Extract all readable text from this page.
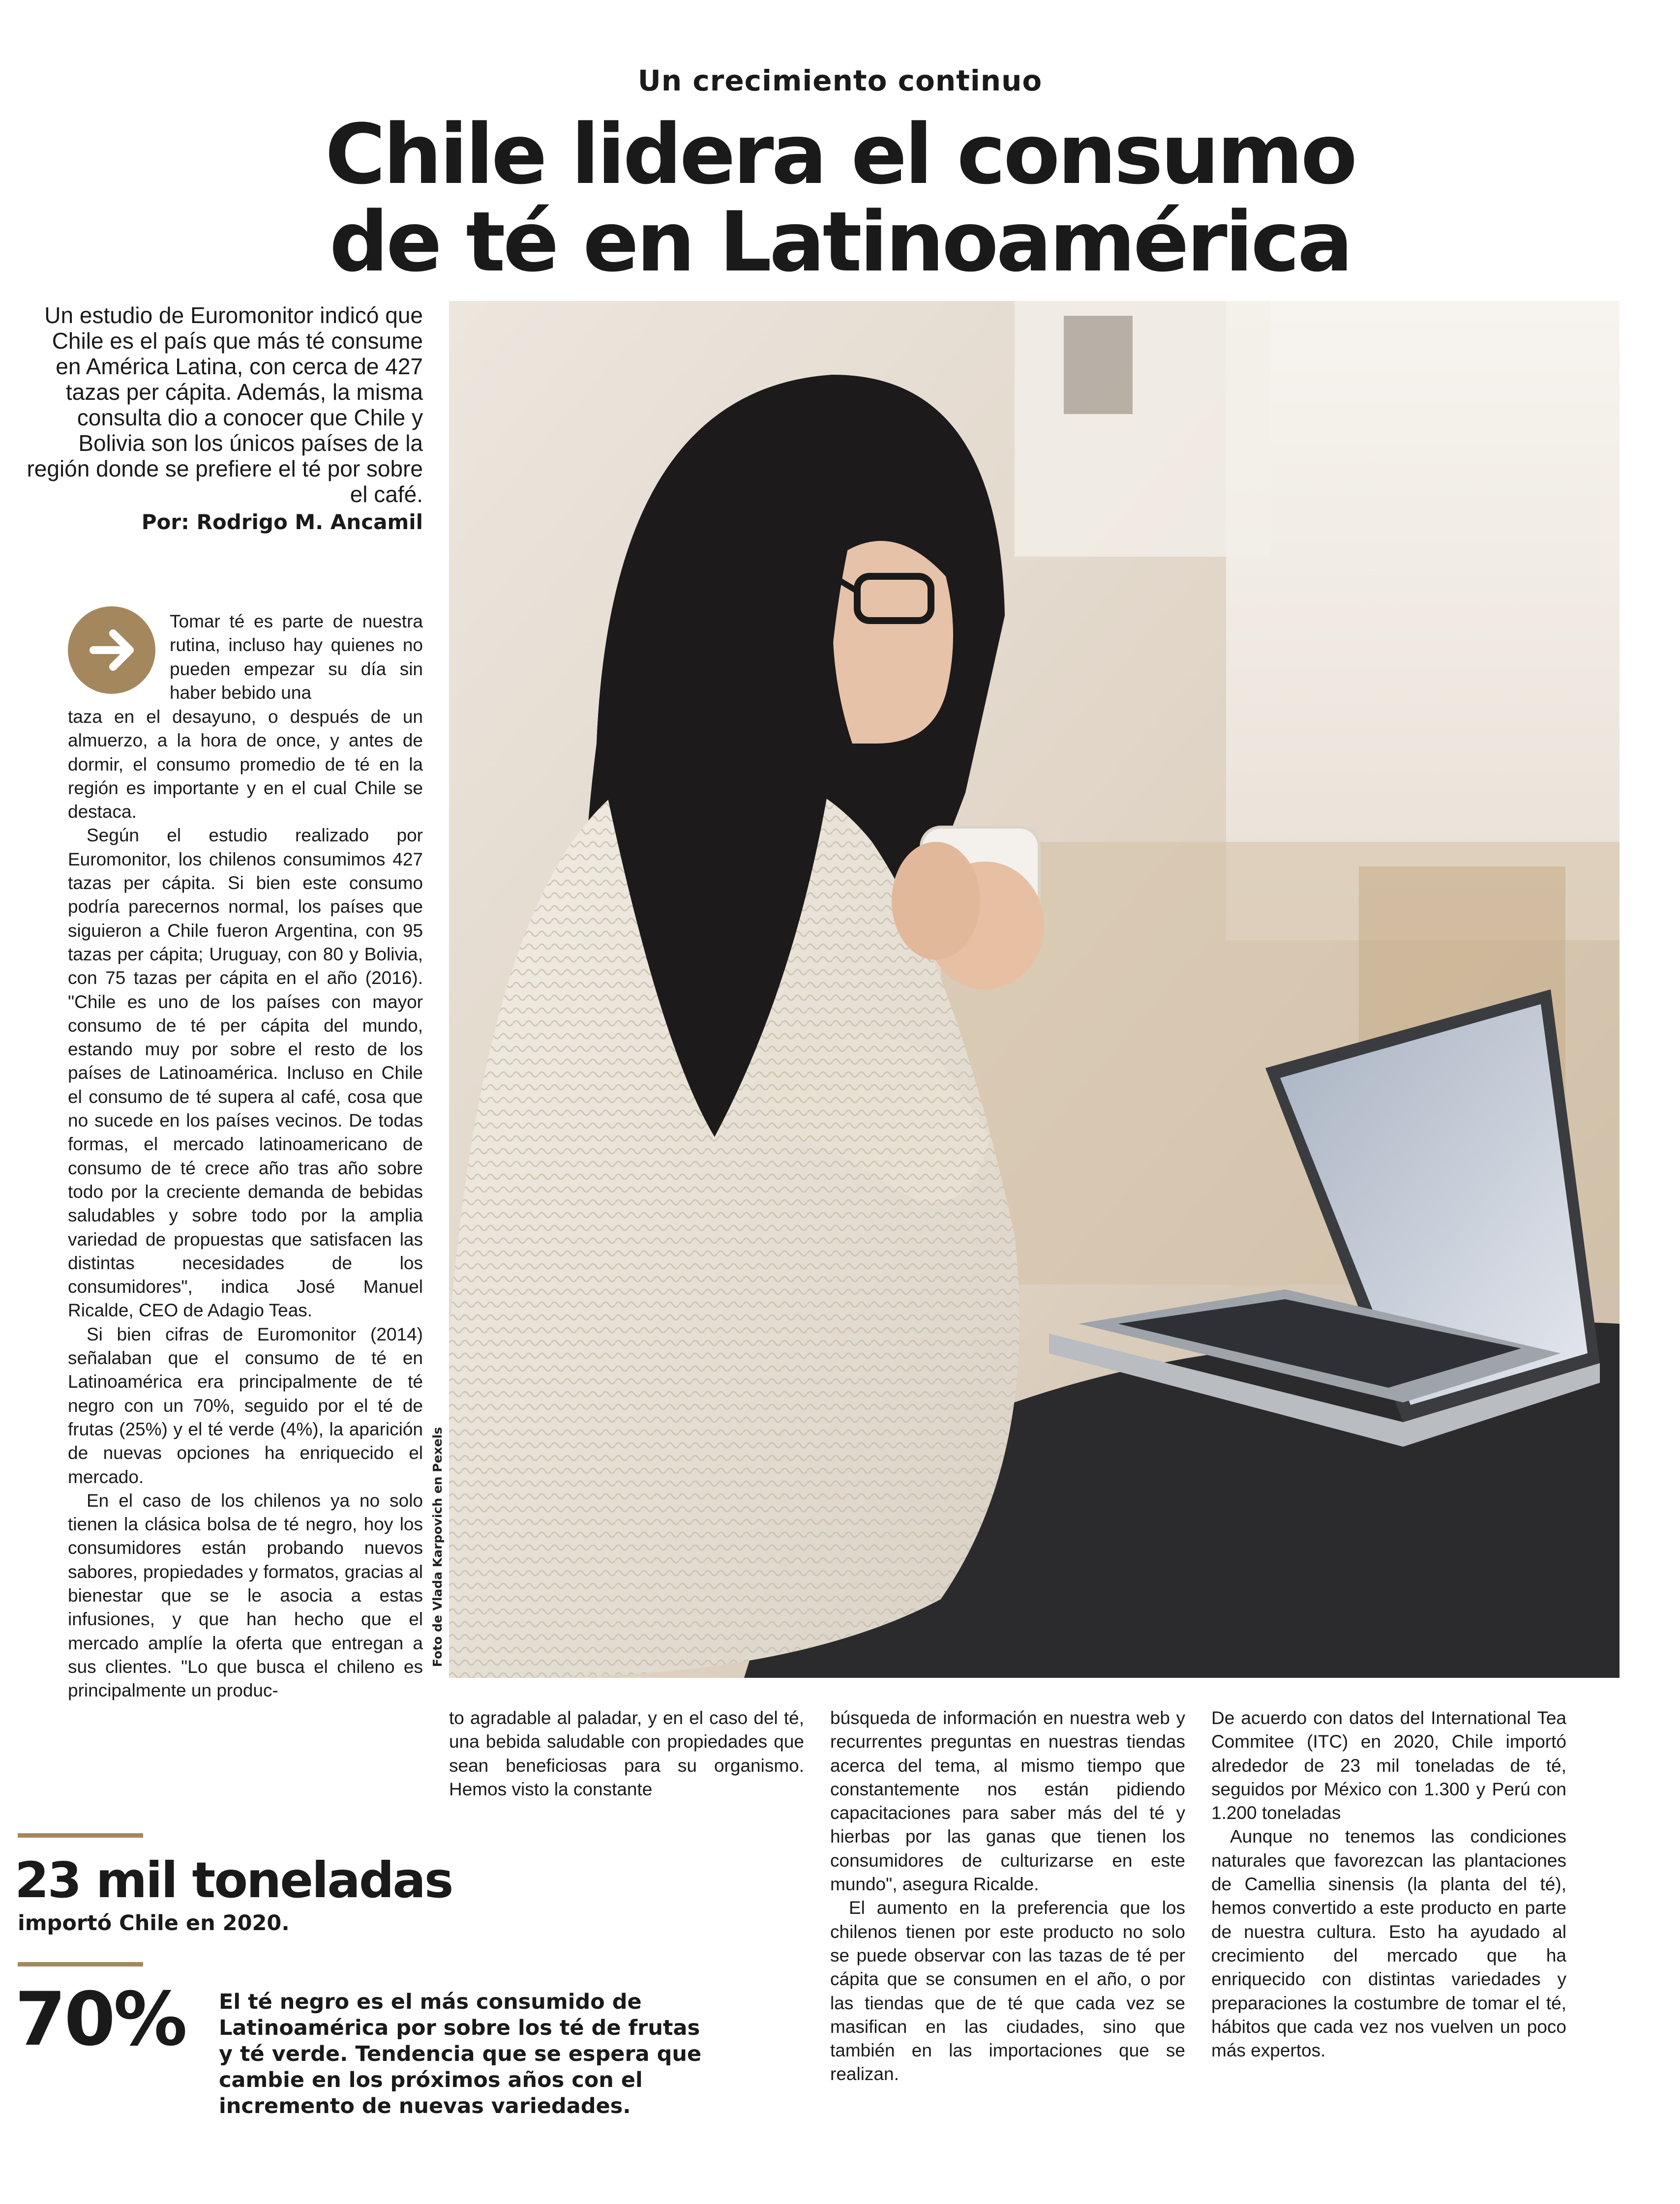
Un crecimiento continuo
Chile lidera el consumo
de té en Latinoamérica
Un estudio de Euromonitor indicó que Chile es el país que más té consume en América Latina, con cerca de 427 tazas per cápita. Además, la misma consulta dio a conocer que Chile y Bolivia son los únicos países de la región donde se prefiere el té por sobre el café.
Por: Rodrigo M. Ancamil
Foto de Vlada Karpovich en Pexels

Tomar té es parte de nuestra rutina, incluso hay quienes no pueden empezar su día sin haber bebido una

taza en el desayuno, o después de un almuerzo, a la hora de once, y antes de dormir, el consumo promedio de té en la región es importante y en el cual Chile se destaca.

Según el estudio realizado por Euromonitor, los chilenos consumimos 427 tazas per cápita. Si bien este consumo podría parecernos normal, los países que siguieron a Chile fueron Argentina, con 95 tazas per cápita; Uruguay, con 80 y Bolivia, con 75 tazas per cápita en el año (2016). "Chile es uno de los países con mayor consumo de té per cápita del mundo, estando muy por sobre el resto de los países de Latinoamérica. Incluso en Chile el consumo de té supera al café, cosa que no sucede en los países vecinos. De todas formas, el mercado latinoamericano de consumo de té crece año tras año sobre todo por la creciente demanda de bebidas saludables y sobre todo por la amplia variedad de propuestas que satisfacen las distintas necesidades de los consumidores", indica José Manuel Ricalde, CEO de Adagio Teas.

Si bien cifras de Euromonitor (2014) señalaban que el consumo de té en Latinoamérica era principalmente de té negro con un 70%, seguido por el té de frutas (25%) y el té verde (4%), la aparición de nuevas opciones ha enriquecido el mercado.

En el caso de los chilenos ya no solo tienen la clásica bolsa de té negro, hoy los consumidores están probando nuevos sabores, propiedades y formatos, gracias al bienestar que se le asocia a estas infusiones, y que han hecho que el mercado amplíe la oferta que entregan a sus clientes. "Lo que busca el chileno es principalmente un produc-

to agradable al paladar, y en el caso del té, una bebida saludable con propiedades que sean beneficiosas para su organismo. Hemos visto la constante

búsqueda de información en nuestra web y recurrentes preguntas en nuestras tiendas acerca del tema, al mismo tiempo que constantemente nos están pidiendo capacitaciones para saber más del té y hierbas por las ganas que tienen los consumidores de culturizarse en este mundo", asegura Ricalde.

El aumento en la preferencia que los chilenos tienen por este producto no solo se puede observar con las tazas de té per cápita que se consumen en el año, o por las tiendas que de té que cada vez se masifican en las ciudades, sino que también en las importaciones que se realizan.

De acuerdo con datos del International Tea Commitee (ITC) en 2020, Chile importó alrededor de 23 mil toneladas de té, seguidos por México con 1.300 y Perú con 1.200 toneladas

Aunque no tenemos las condiciones naturales que favorezcan las plantaciones de Camellia sinensis (la planta del té), hemos convertido a este producto en parte de nuestra cultura. Esto ha ayudado al crecimiento del mercado que ha enriquecido con distintas variedades y preparaciones la costumbre de tomar el té, hábitos que cada vez nos vuelven un poco más expertos.

23 mil toneladas
importó Chile en 2020.
70% El té negro es el más consumido de Latinoamérica por sobre los té de frutas y té verde. Tendencia que se espera que cambie en los próximos años con el incremento de nuevas variedades.
